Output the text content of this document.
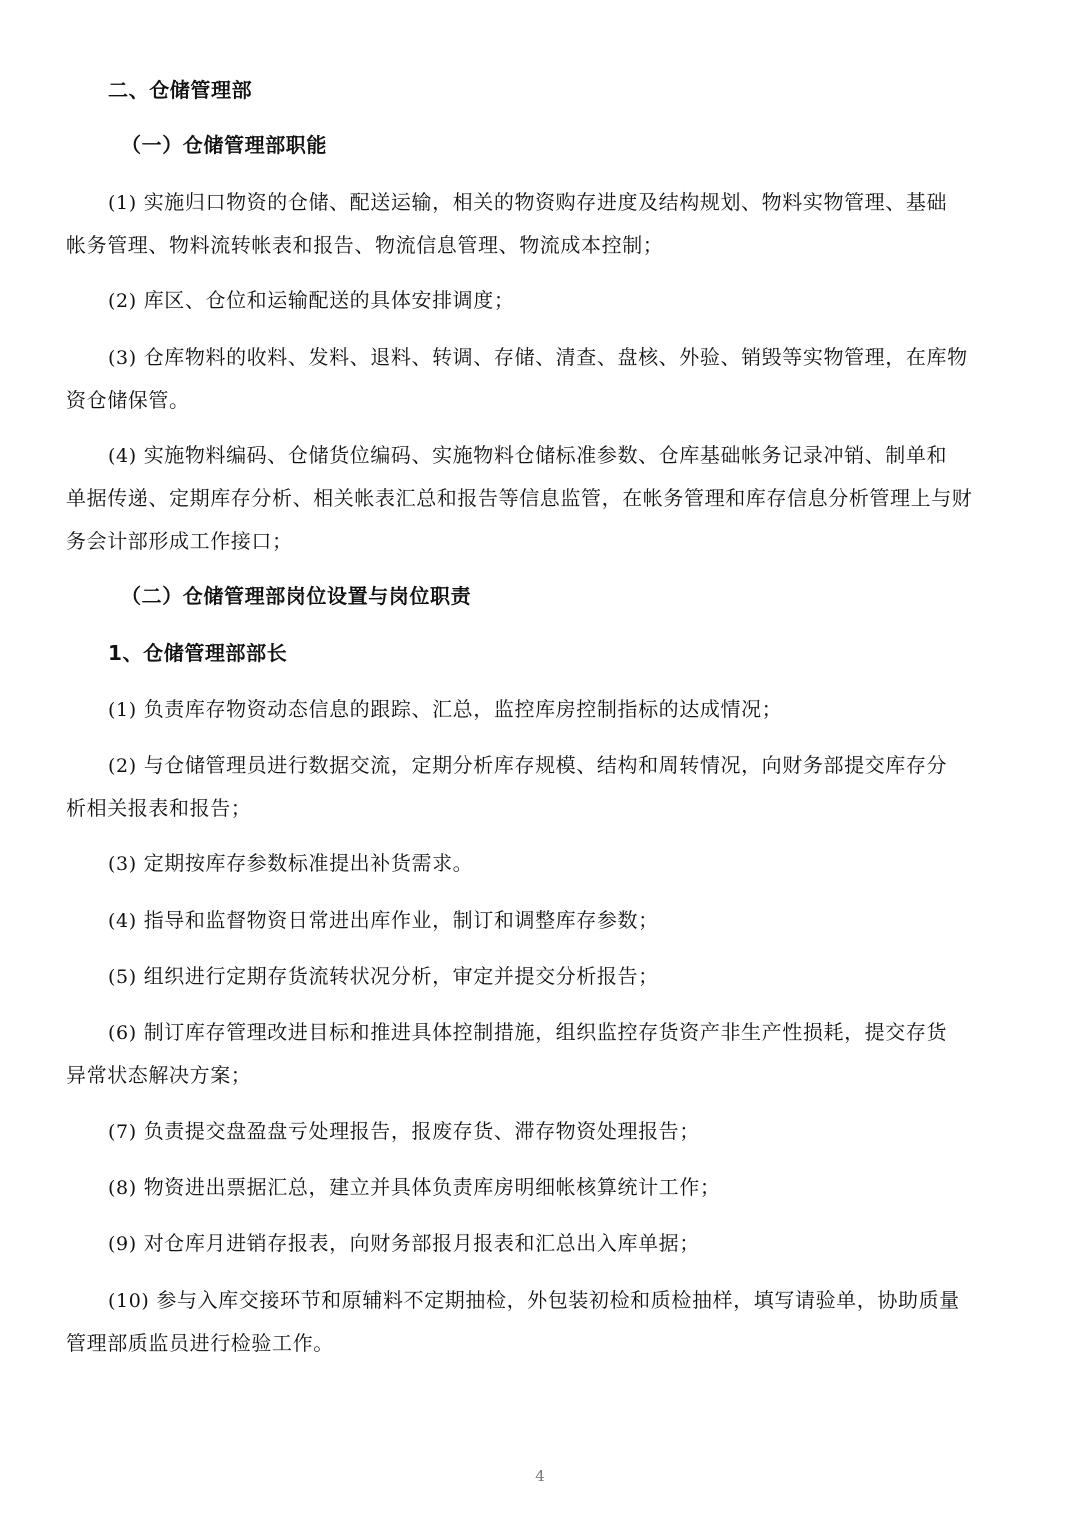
二、仓储管理部
（一）仓储管理部职能
(1) 实施归口物资的仓储、配送运输，相关的物资购存进度及结构规划、物料实物管理、基础
帐务管理、物料流转帐表和报告、物流信息管理、物流成本控制；
(2) 库区、仓位和运输配送的具体安排调度；
(3) 仓库物料的收料、发料、退料、转调、存储、清查、盘核、外验、销毁等实物管理，在库物
资仓储保管。
(4) 实施物料编码、仓储货位编码、实施物料仓储标准参数、仓库基础帐务记录冲销、制单和
单据传递、定期库存分析、相关帐表汇总和报告等信息监管，在帐务管理和库存信息分析管理上与财
务会计部形成工作接口；
（二）仓储管理部岗位设置与岗位职责
1、仓储管理部部长
(1) 负责库存物资动态信息的跟踪、汇总，监控库房控制指标的达成情况；
(2) 与仓储管理员进行数据交流，定期分析库存规模、结构和周转情况，向财务部提交库存分
析相关报表和报告；
(3) 定期按库存参数标准提出补货需求。
(4) 指导和监督物资日常进出库作业，制订和调整库存参数；
(5) 组织进行定期存货流转状况分析，审定并提交分析报告；
(6) 制订库存管理改进目标和推进具体控制措施，组织监控存货资产非生产性损耗，提交存货
异常状态解决方案；
(7) 负责提交盘盈盘亏处理报告，报废存货、滞存物资处理报告；
(8) 物资进出票据汇总，建立并具体负责库房明细帐核算统计工作；
(9) 对仓库月进销存报表，向财务部报月报表和汇总出入库单据；
(10) 参与入库交接环节和原辅料不定期抽检，外包装初检和质检抽样，填写请验单，协助质量
管理部质监员进行检验工作。
4
